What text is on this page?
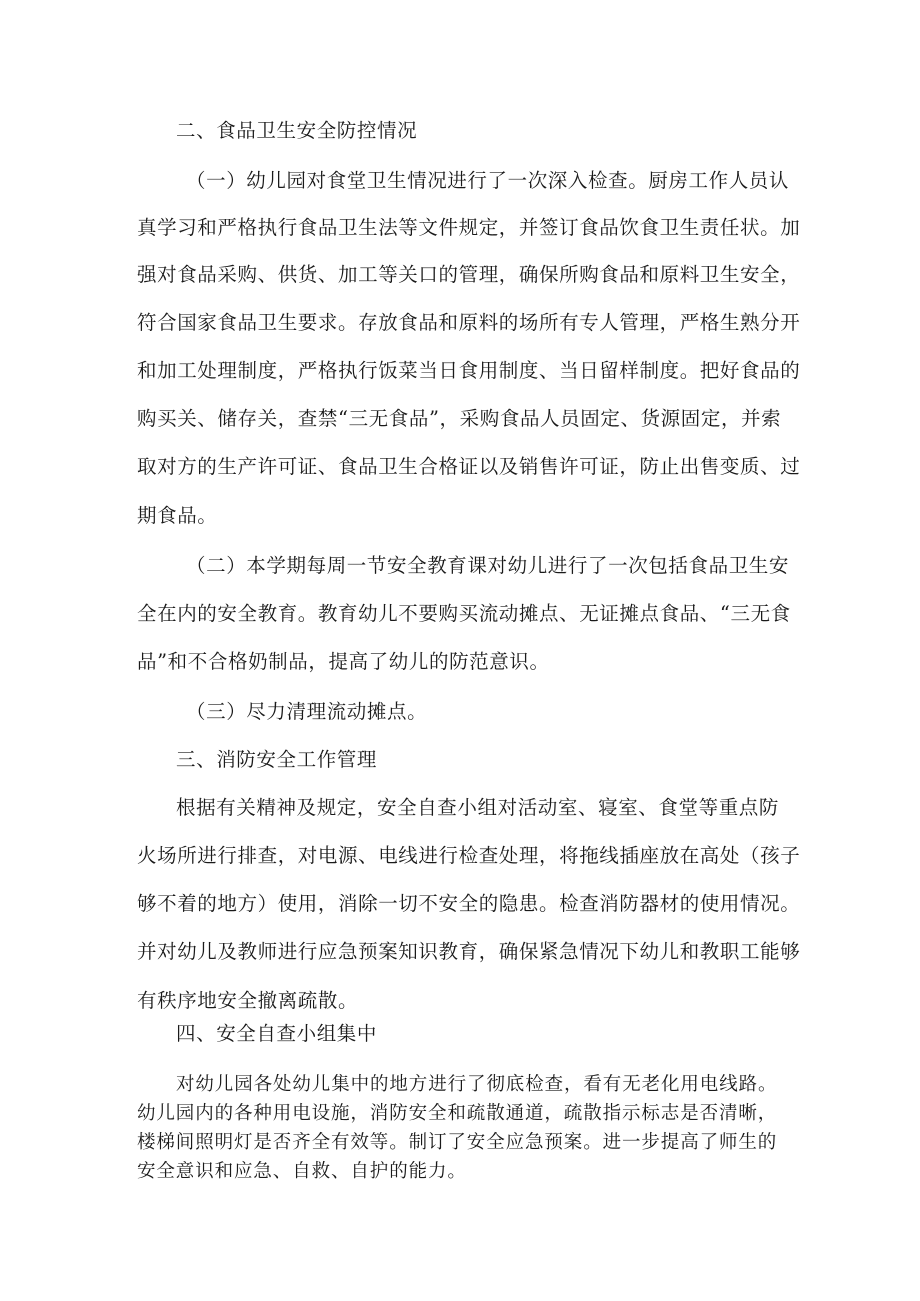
二、食品卫生安全防控情况
（一）幼儿园对食堂卫生情况进行了一次深入检查。厨房工作人员认
真学习和严格执行食品卫生法等文件规定，并签订食品饮食卫生责任状。加
强对食品采购、供货、加工等关口的管理，确保所购食品和原料卫生安全，
符合国家食品卫生要求。存放食品和原料的场所有专人管理，严格生熟分开
和加工处理制度，严格执行饭菜当日食用制度、当日留样制度。把好食品的
购买关、储存关，查禁“三无食品”，采购食品人员固定、货源固定，并索
取对方的生产许可证、食品卫生合格证以及销售许可证，防止出售变质、过
期食品。
（二）本学期每周一节安全教育课对幼儿进行了一次包括食品卫生安
全在内的安全教育。教育幼儿不要购买流动摊点、无证摊点食品、“三无食
品”和不合格奶制品，提高了幼儿的防范意识。
（三）尽力清理流动摊点。
三、消防安全工作管理
根据有关精神及规定，安全自查小组对活动室、寝室、食堂等重点防
火场所进行排查，对电源、电线进行检查处理，将拖线插座放在高处（孩子
够不着的地方）使用，消除一切不安全的隐患。检查消防器材的使用情况。
并对幼儿及教师进行应急预案知识教育，确保紧急情况下幼儿和教职工能够
有秩序地安全撤离疏散。
四、安全自查小组集中
对幼儿园各处幼儿集中的地方进行了彻底检查，看有无老化用电线路。
幼儿园内的各种用电设施，消防安全和疏散通道，疏散指示标志是否清晰，
楼梯间照明灯是否齐全有效等。制订了安全应急预案。进一步提高了师生的
安全意识和应急、自救、自护的能力。
